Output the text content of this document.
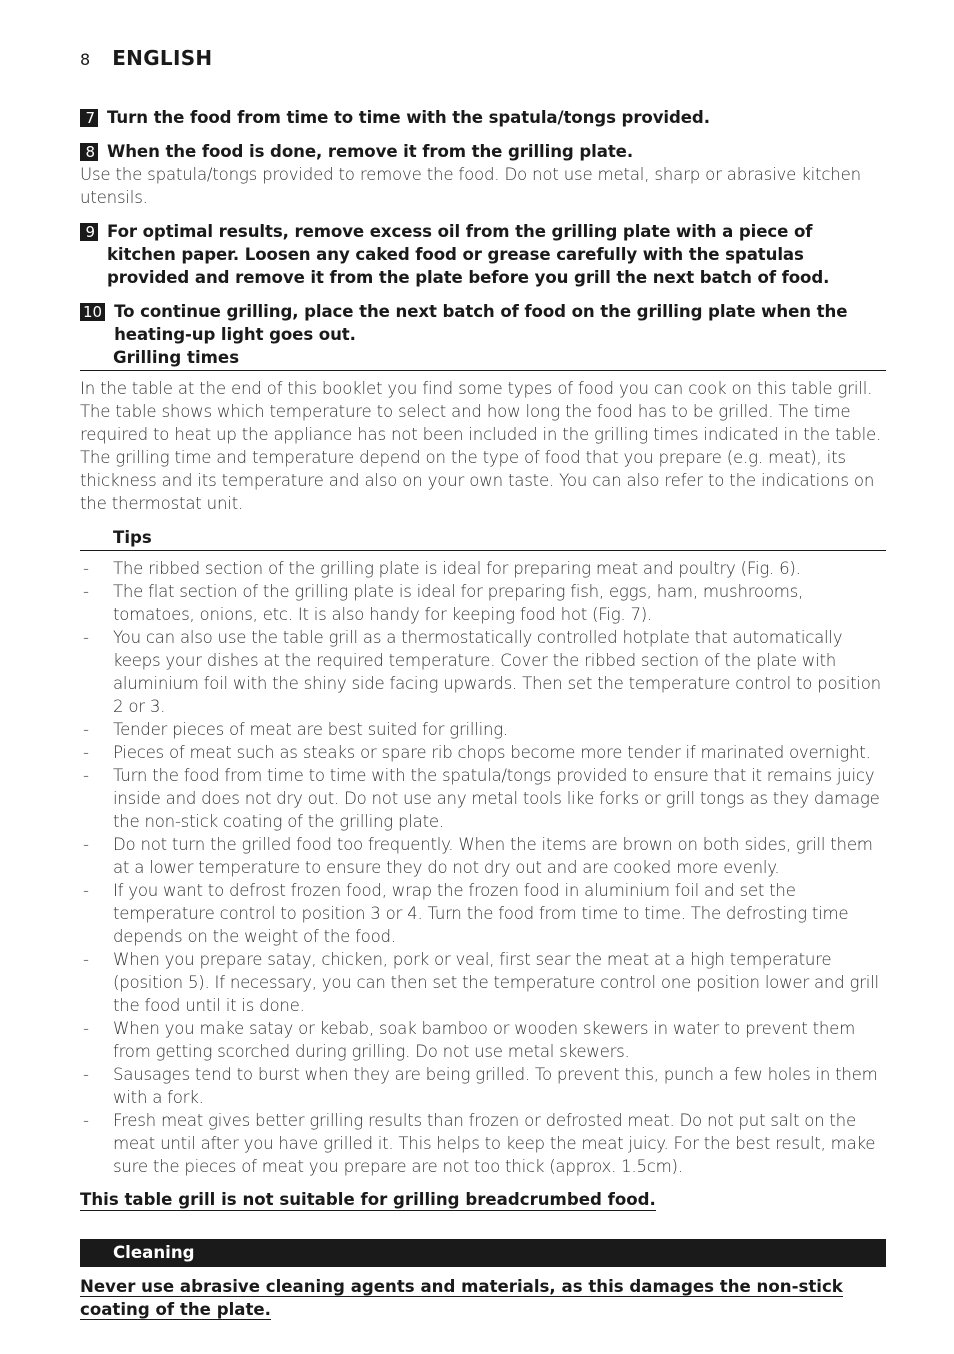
8 ENGLISH
7 Turn the food from time to time with the spatula/tongs provided.
8 When the food is done, remove it from the grilling plate.
Use the spatula/tongs provided to remove the food. Do not use metal, sharp or abrasive kitchen utensils.
9 For optimal results, remove excess oil from the grilling plate with a piece of kitchen paper. Loosen any caked food or grease carefully with the spatulas provided and remove it from the plate before you grill the next batch of food.
10 To continue grilling, place the next batch of food on the grilling plate when the heating-up light goes out.
Grilling times
In the table at the end of this booklet you find some types of food you can cook on this table grill. The table shows which temperature to select and how long the food has to be grilled. The time required to heat up the appliance has not been included in the grilling times indicated in the table. The grilling time and temperature depend on the type of food that you prepare (e.g. meat), its thickness and its temperature and also on your own taste. You can also refer to the indications on the thermostat unit.
Tips
-	The ribbed section of the grilling plate is ideal for preparing meat and poultry (Fig. 6).
-	The flat section of the grilling plate is ideal for preparing fish, eggs, ham, mushrooms, tomatoes, onions, etc. It is also handy for keeping food hot (Fig. 7).
-	You can also use the table grill as a thermostatically controlled hotplate that automatically keeps your dishes at the required temperature. Cover the ribbed section of the plate with aluminium foil with the shiny side facing upwards. Then set the temperature control to position 2 or 3.
-	Tender pieces of meat are best suited for grilling.
-	Pieces of meat such as steaks or spare rib chops become more tender if marinated overnight.
-	Turn the food from time to time with the spatula/tongs provided to ensure that it remains juicy inside and does not dry out. Do not use any metal tools like forks or grill tongs as they damage the non-stick coating of the grilling plate.
-	Do not turn the grilled food too frequently. When the items are brown on both sides, grill them at a lower temperature to ensure they do not dry out and are cooked more evenly.
-	If you want to defrost frozen food, wrap the frozen food in aluminium foil and set the temperature control to position 3 or 4. Turn the food from time to time. The defrosting time depends on the weight of the food.
-	When you prepare satay, chicken, pork or veal, first sear the meat at a high temperature (position 5). If necessary, you can then set the temperature control one position lower and grill the food until it is done.
-	When you make satay or kebab, soak bamboo or wooden skewers in water to prevent them from getting scorched during grilling. Do not use metal skewers.
-	Sausages tend to burst when they are being grilled. To prevent this, punch a few holes in them with a fork.
-	Fresh meat gives better grilling results than frozen or defrosted meat. Do not put salt on the meat until after you have grilled it. This helps to keep the meat juicy. For the best result, make sure the pieces of meat you prepare are not too thick (approx. 1.5cm).
This table grill is not suitable for grilling breadcrumbed food.
Cleaning
Never use abrasive cleaning agents and materials, as this damages the non-stick coating of the plate.
